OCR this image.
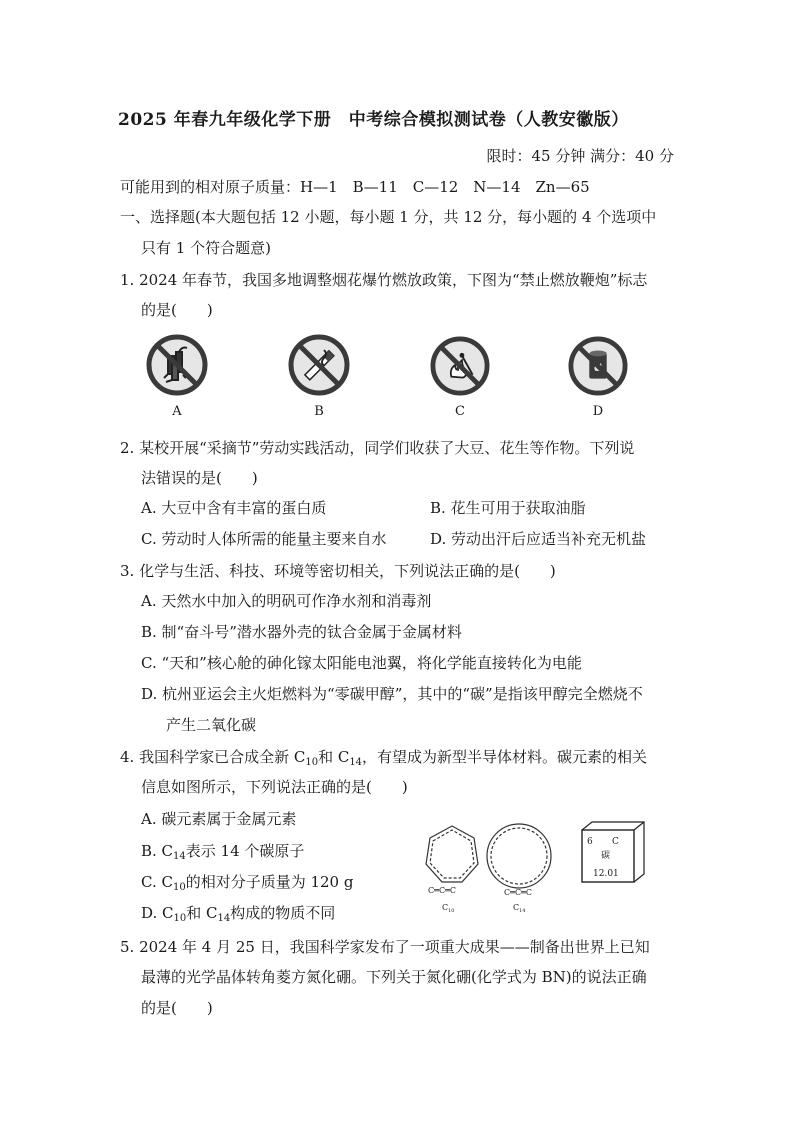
2025 年春九年级化学下册　中考综合模拟测试卷（人教安徽版）
限时：45 分钟 满分：40 分
可能用到的相对原子质量：H—1　B—11　C—12　N—14　Zn—65
一、选择题(本大题包括 12 小题，每小题 1 分，共 12 分，每小题的 4 个选项中
只有 1 个符合题意)
1. 2024 年春节，我国多地调整烟花爆竹燃放政策，下图为“禁止燃放鞭炮”标志
的是(　　)
A	B	C	D
2. 某校开展“采摘节”劳动实践活动，同学们收获了大豆、花生等作物。下列说
法错误的是(　　)
A. 大豆中含有丰富的蛋白质	B. 花生可用于获取油脂
C. 劳动时人体所需的能量主要来自水	D. 劳动出汗后应适当补充无机盐
3. 化学与生活、科技、环境等密切相关，下列说法正确的是(　　)
A. 天然水中加入的明矾可作净水剂和消毒剂
B. 制“奋斗号”潜水器外壳的钛合金属于金属材料
C. “天和”核心舱的砷化镓太阳能电池翼，将化学能直接转化为电能
D. 杭州亚运会主火炬燃料为“零碳甲醇”，其中的“碳”是指该甲醇完全燃烧不
产生二氧化碳
4. 我国科学家已合成全新 $C_{10}$和 $C_{14}$，有望成为新型半导体材料。碳元素的相关
信息如图所示，下列说法正确的是(　　)
A. 碳元素属于金属元素
B. $C_{14}$表示 14 个碳原子
C. $C_{10}$的相对分子质量为 120 g
D. $C_{10}$和 $C_{14}$构成的物质不同
C═C═C
$C_{10}$
C═C═C
$C_{14}$
6 C
碳
12.01
5. 2024 年 4 月 25 日，我国科学家发布了一项重大成果——制备出世界上已知
最薄的光学晶体转角菱方氮化硼。下列关于氮化硼(化学式为 BN)的说法正确
的是(　　)
